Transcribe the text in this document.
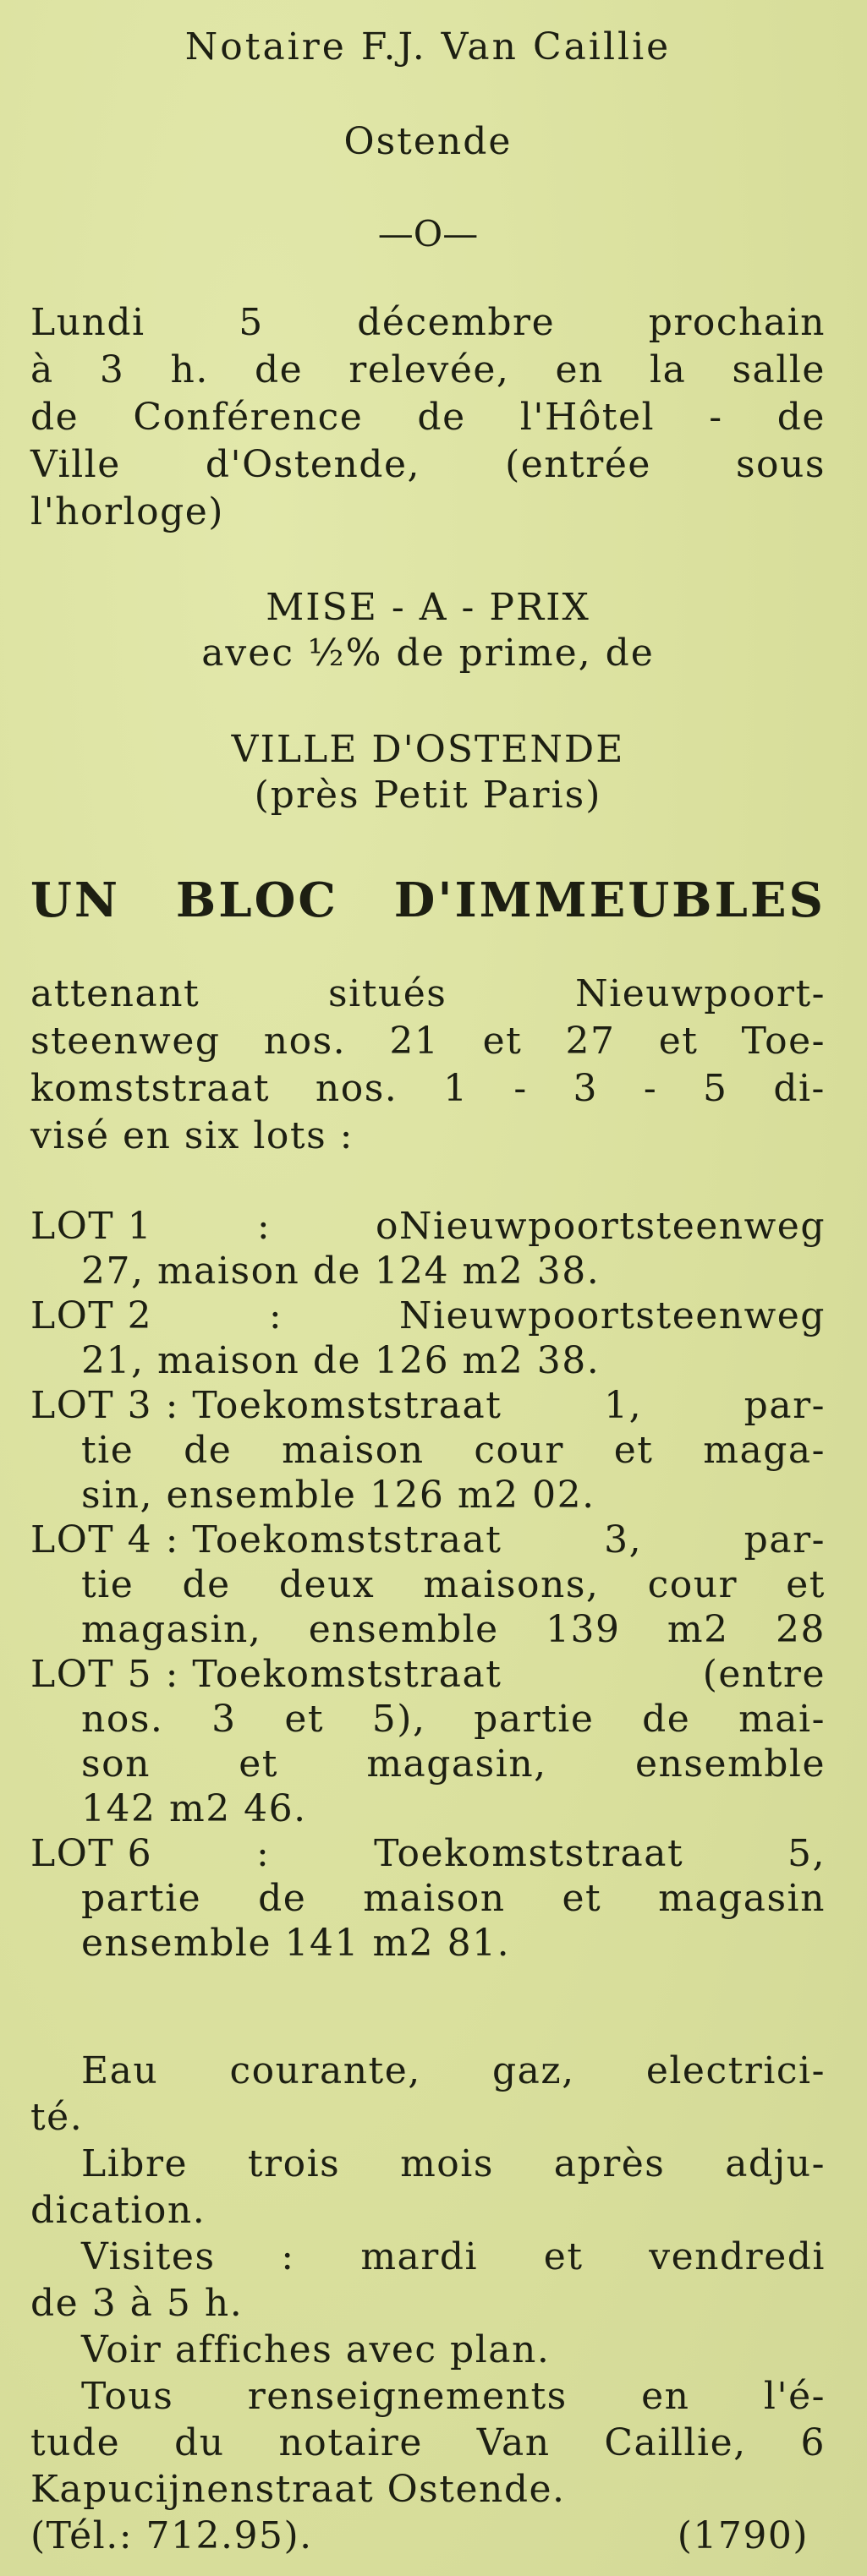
Notaire F.J. Van Caillie
Ostende
—O—
Lundi	5	décembre	prochain
à 3 h. de relevée, en la salle
de Conférence de l'Hôtel - de
Ville d'Ostende, (entrée sous
l'horloge)
MISE - A - PRIX
avec ½% de prime, de
VILLE D'OSTENDE
(près Petit Paris)
UN BLOC D'IMMEUBLES
attenant	situés	Nieuwpoort-
steenweg nos. 21 et 27 et Toe-
komststraat nos. 1 - 3 - 5 di-
visé en six lots :
LOT 1	:	oNieuwpoortsteenweg
27, maison de 124 m2 38.
LOT 2	:	Nieuwpoortsteenweg
21, maison de 126 m2 38.
LOT 3 : Toekomststraat	1,	par-
tie de maison cour et maga-
sin, ensemble 126 m2 02.
LOT 4 : Toekomststraat	3,	par-
tie de deux maisons, cour et
magasin, ensemble 139 m2 28
LOT 5 : Toekomststraat	(entre
nos. 3 et 5), partie de mai-
son et magasin, ensemble
142 m2 46.
LOT 6	:	Toekomststraat	5,
partie de maison et magasin
ensemble 141 m2 81.
Eau courante, gaz, electrici-
té.
Libre trois mois après adju-
dication.
Visites : mardi et vendredi
de 3 à 5 h.
Voir affiches avec plan.
Tous renseignements en l'é-
tude du notaire Van Caillie, 6
Kapucijnenstraat Ostende.
(Tél.: 712.95).	(1790)
